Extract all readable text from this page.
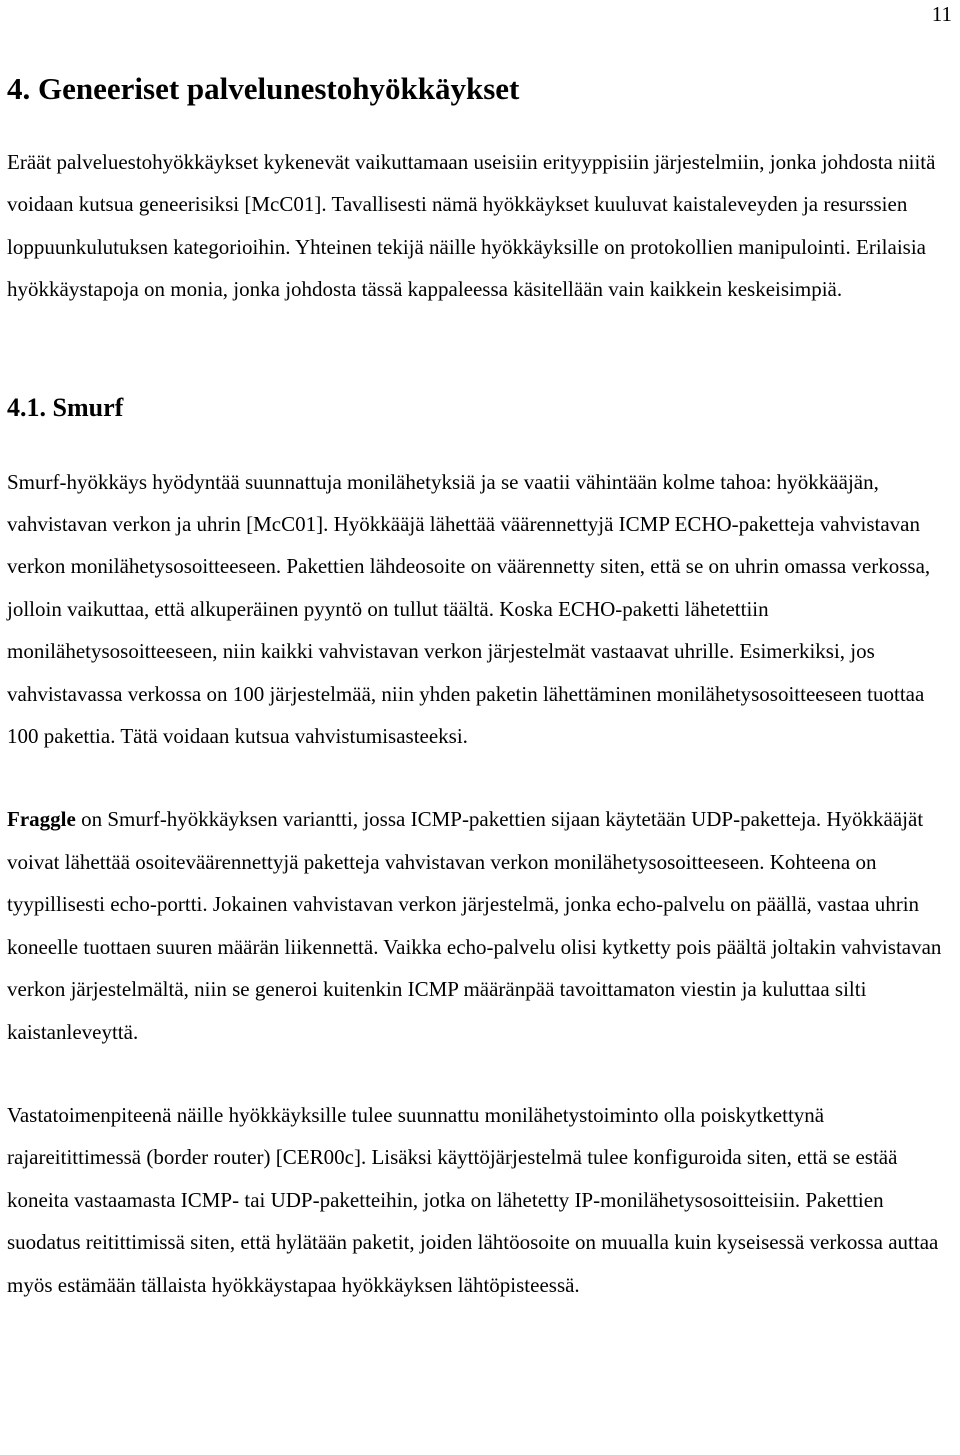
11
4. Geneeriset palvelunestohyökkäykset

Eräät palveluestohyökkäykset kykenevät vaikuttamaan useisiin erityyppisiin järjestelmiin, jonka johdosta niitä voidaan kutsua geneerisiksi [McC01]. Tavallisesti nämä hyökkäykset kuuluvat kaistaleveyden ja resurssien loppuunkulutuksen kategorioihin. Yhteinen tekijä näille hyökkäyksille on protokollien manipulointi. Erilaisia hyökkäystapoja on monia, jonka johdosta tässä kappaleessa käsitellään vain kaikkein keskeisimpiä.

4.1. Smurf

Smurf-hyökkäys hyödyntää suunnattuja monilähetyksiä ja se vaatii vähintään kolme tahoa: hyökkääjän, vahvistavan verkon ja uhrin [McC01]. Hyökkääjä lähettää väärennettyjä ICMP ECHO-paketteja vahvistavan verkon monilähetysosoitteeseen. Pakettien lähdeosoite on väärennetty siten, että se on uhrin omassa verkossa, jolloin vaikuttaa, että alkuperäinen pyyntö on tullut täältä. Koska ECHO-paketti lähetettiin monilähetysosoitteeseen, niin kaikki vahvistavan verkon järjestelmät vastaavat uhrille. Esimerkiksi, jos vahvistavassa verkossa on 100 järjestelmää, niin yhden paketin lähettäminen monilähetysosoitteeseen tuottaa 100 pakettia. Tätä voidaan kutsua vahvistumisasteeksi.

Fraggle on Smurf-hyökkäyksen variantti, jossa ICMP-pakettien sijaan käytetään UDP-paketteja. Hyökkääjät voivat lähettää osoiteväärennettyjä paketteja vahvistavan verkon monilähetysosoitteeseen. Kohteena on tyypillisesti echo-portti. Jokainen vahvistavan verkon järjestelmä, jonka echo-palvelu on päällä, vastaa uhrin koneelle tuottaen suuren määrän liikennettä. Vaikka echo-palvelu olisi kytketty pois päältä joltakin vahvistavan verkon järjestelmältä, niin se generoi kuitenkin ICMP määränpää tavoittamaton viestin ja kuluttaa silti kaistanleveyttä.

Vastatoimenpiteenä näille hyökkäyksille tulee suunnattu monilähetystoiminto olla poiskytkettynä rajareitittimessä (border router) [CER00c]. Lisäksi käyttöjärjestelmä tulee konfiguroida siten, että se estää koneita vastaamasta ICMP- tai UDP-paketteihin, jotka on lähetetty IP-monilähetysosoitteisiin. Pakettien suodatus reitittimissä siten, että hylätään paketit, joiden lähtöosoite on muualla kuin kyseisessä verkossa auttaa myös estämään tällaista hyökkäystapaa hyökkäyksen lähtöpisteessä.
